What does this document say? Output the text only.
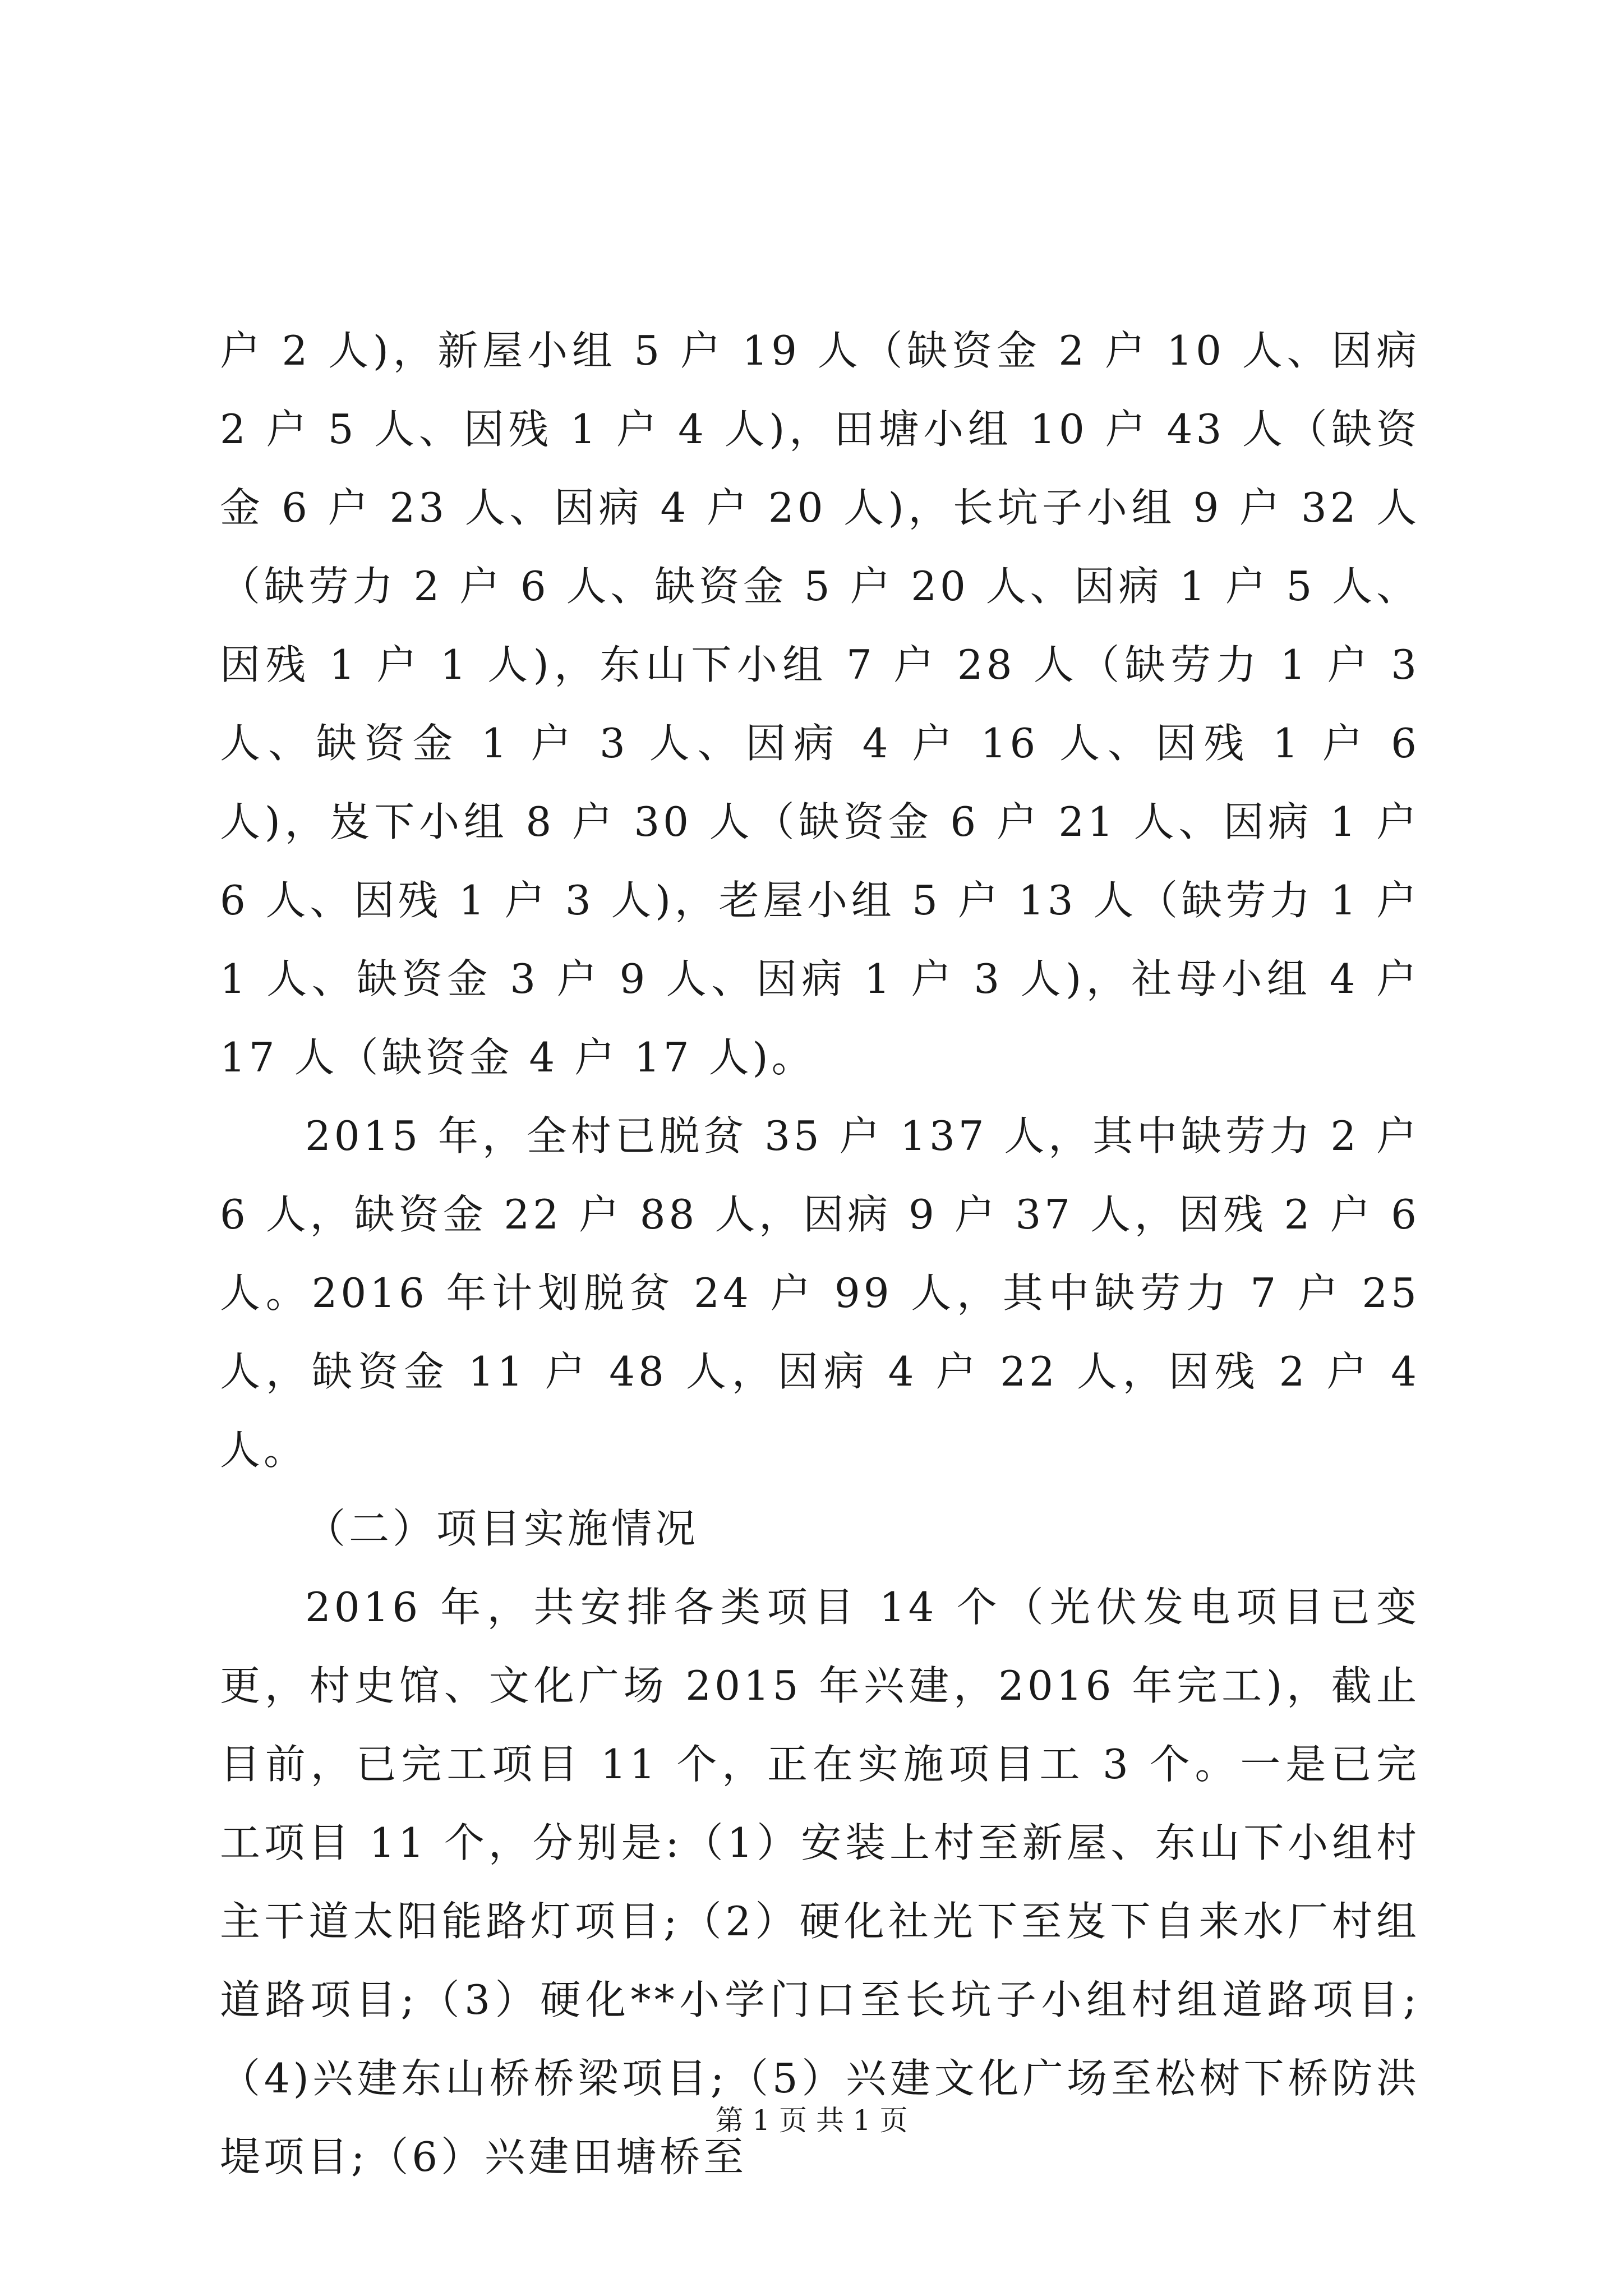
户 2 人)，新屋小组 5 户 19 人（缺资金 2 户 10 人、因病 2 户 5 人、因残 1 户 4 人)，田塘小组 10 户 43 人（缺资金 6 户 23 人、因病 4 户 20 人)，长坑子小组 9 户 32 人（缺劳力 2 户 6 人、缺资金 5 户 20 人、因病 1 户 5 人、因残 1 户 1 人)，东山下小组 7 户 28 人（缺劳力 1 户 3 人、缺资金 1 户 3 人、因病 4 户 16 人、因残 1 户 6 人)，岌下小组 8 户 30 人（缺资金 6 户 21 人、因病 1 户 6 人、因残 1 户 3 人)，老屋小组 5 户 13 人（缺劳力 1 户 1 人、缺资金 3 户 9 人、因病 1 户 3 人)，社母小组 4 户 17 人（缺资金 4 户 17 人)。

2015 年，全村已脱贫 35 户 137 人，其中缺劳力 2 户 6 人，缺资金 22 户 88 人，因病 9 户 37 人，因残 2 户 6 人。2016 年计划脱贫 24 户 99 人，其中缺劳力 7 户 25 人，缺资金 11 户 48 人，因病 4 户 22 人，因残 2 户 4 人。

（二）项目实施情况

2016 年，共安排各类项目 14 个（光伏发电项目已变更，村史馆、文化广场 2015 年兴建，2016 年完工)，截止目前，已完工项目 11 个，正在实施项目工 3 个。一是已完工项目 11 个，分别是:（1）安装上村至新屋、东山下小组村主干道太阳能路灯项目;（2）硬化社光下至岌下自来水厂村组道路项目;（3）硬化**小学门口至长坑子小组村组道路项目;（4)兴建东山桥桥梁项目;（5）兴建文化广场至松树下桥防洪堤项目;（6）兴建田塘桥至

第 1 页 共 1 页
